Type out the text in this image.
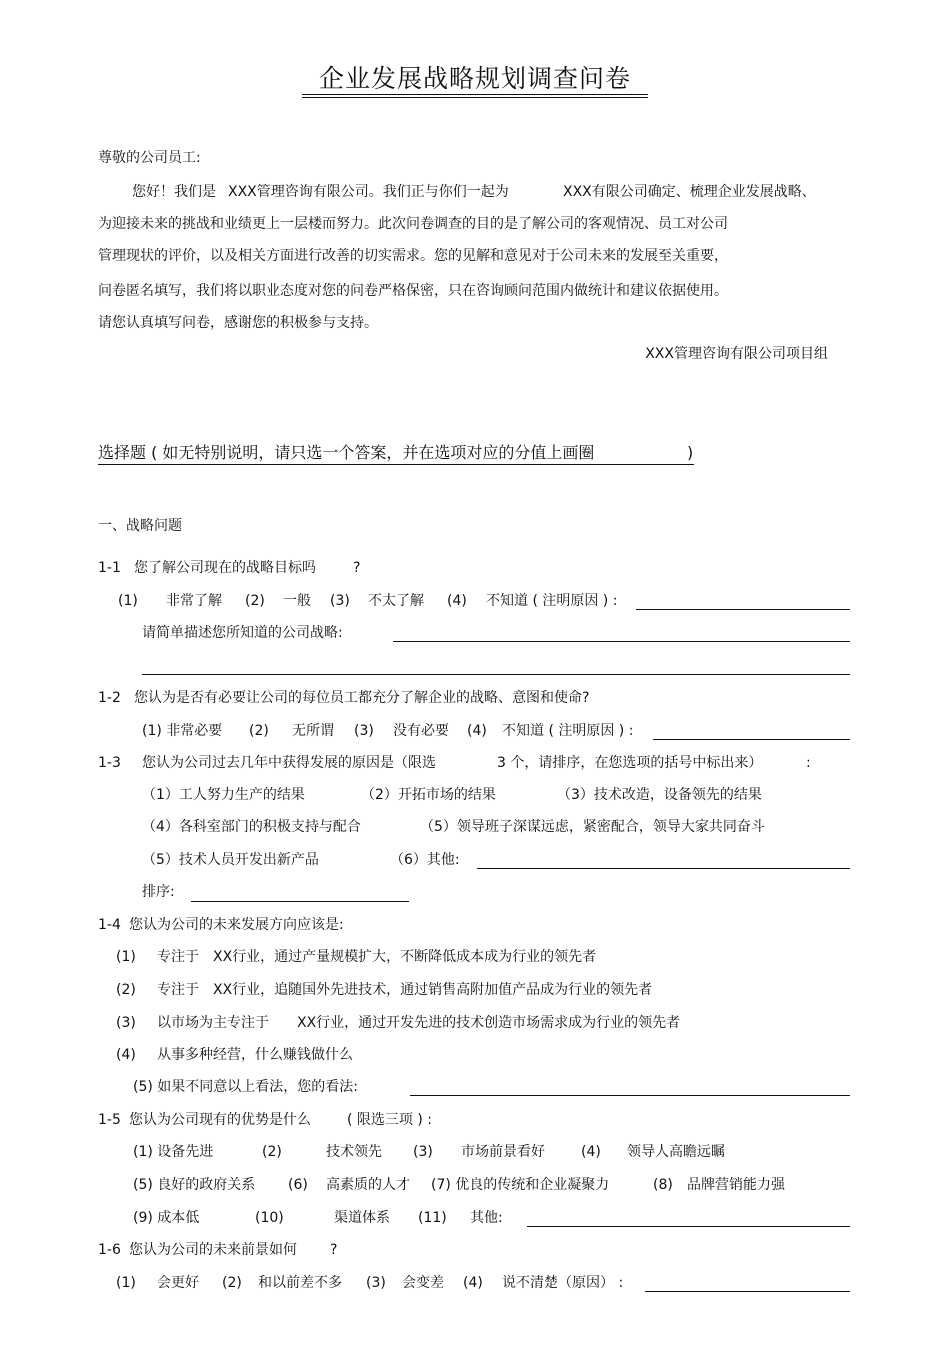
企业发展战略规划调查问卷
尊敬的公司员工:
您好！我们是 XXX管理咨询有限公司。我们正与你们一起为	XXX有限公司确定、梳理企业发展战略、
为迎接未来的挑战和业绩更上一层楼而努力。此次问卷调查的目的是了解公司的客观情况、员工对公司
管理现状的评价，以及相关方面进行改善的切实需求。您的见解和意见对于公司未来的发展至关重要，
问卷匿名填写，我们将以职业态度对您的问卷严格保密，只在咨询顾问范围内做统计和建议依据使用。
请您认真填写问卷，感谢您的积极参与支持。
XXX管理咨询有限公司项目组
选择题 ( 如无特别说明，请只选一个答案，并在选项对应的分值上画圈	)
一、战略问题
1-1 您了解公司现在的战略目标吗	?
(1) 非常了解 (2) 一般 (3) 不太了解 (4) 不知道 ( 注明原因 ) :
请简单描述您所知道的公司战略:
1-2 您认为是否有必要让公司的每位员工都充分了解企业的战略、意图和使命?
(1) 非常必要 (2) 无所谓 (3) 没有必要 (4) 不知道 ( 注明原因 ) :
1-3 您认为公司过去几年中获得发展的原因是（限选	3 个，请排序，在您选项的括号中标出来）	:
（1）工人努力生产的结果	（2）开拓市场的结果	（3）技术改造，设备领先的结果
（4）各科室部门的积极支持与配合	（5）领导班子深谋远虑，紧密配合，领导大家共同奋斗
（5）技术人员开发出新产品	（6）其他:
排序:
1-4 您认为公司的未来发展方向应该是:
(1) 专注于 XX行业，通过产量规模扩大，不断降低成本成为行业的领先者
(2) 专注于 XX行业，追随国外先进技术，通过销售高附加值产品成为行业的领先者
(3) 以市场为主专注于 XX行业，通过开发先进的技术创造市场需求成为行业的领先者
(4) 从事多种经营，什么赚钱做什么
(5) 如果不同意以上看法，您的看法:
1-5 您认为公司现有的优势是什么	( 限选三项 ) :
(1) 设备先进	(2)	技术领先 (3) 市场前景看好	(4) 领导人高瞻远瞩
(5) 良好的政府关系 (6) 高素质的人才 (7) 优良的传统和企业凝聚力	(8) 品牌营销能力强
(9) 成本低	(10)	渠道体系 (11) 其他:
1-6 您认为公司的未来前景如何 ?
(1) 会更好 (2) 和以前差不多 (3) 会变差 (4) 说不清楚（原因） :
